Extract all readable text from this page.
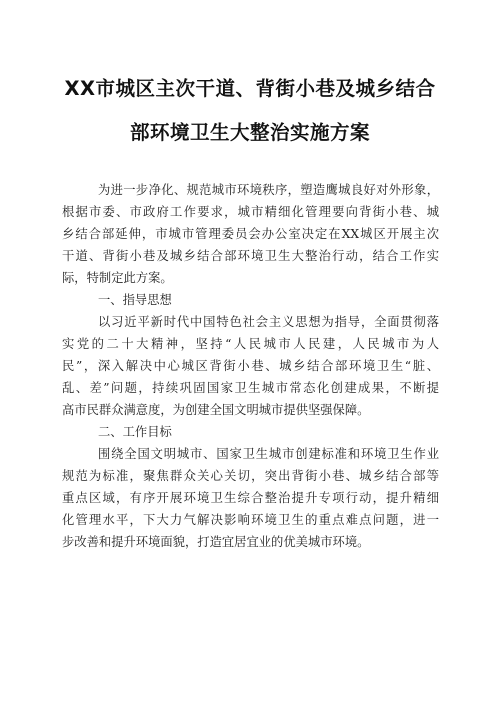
XX市城区主次干道、背街小巷及城乡结合
部环境卫生大整治实施方案
为进一步净化、规范城市环境秩序，塑造鹰城良好对外形象，
根据市委、市政府工作要求，城市精细化管理要向背街小巷、城
乡结合部延伸，市城市管理委员会办公室决定在XX城区开展主次
干道、背街小巷及城乡结合部环境卫生大整治行动，结合工作实
际，特制定此方案。
一、指导思想
以习近平新时代中国特色社会主义思想为指导，全面贯彻落
实党的二十大精神，坚持“人民城市人民建，人民城市为人
民”，深入解决中心城区背街小巷、城乡结合部环境卫生“脏、
乱、差”问题，持续巩固国家卫生城市常态化创建成果，不断提
高市民群众满意度，为创建全国文明城市提供坚强保障。
二、工作目标
围绕全国文明城市、国家卫生城市创建标准和环境卫生作业
规范为标准，聚焦群众关心关切，突出背街小巷、城乡结合部等
重点区域，有序开展环境卫生综合整治提升专项行动，提升精细
化管理水平，下大力气解决影响环境卫生的重点难点问题，进一
步改善和提升环境面貌，打造宜居宜业的优美城市环境。
